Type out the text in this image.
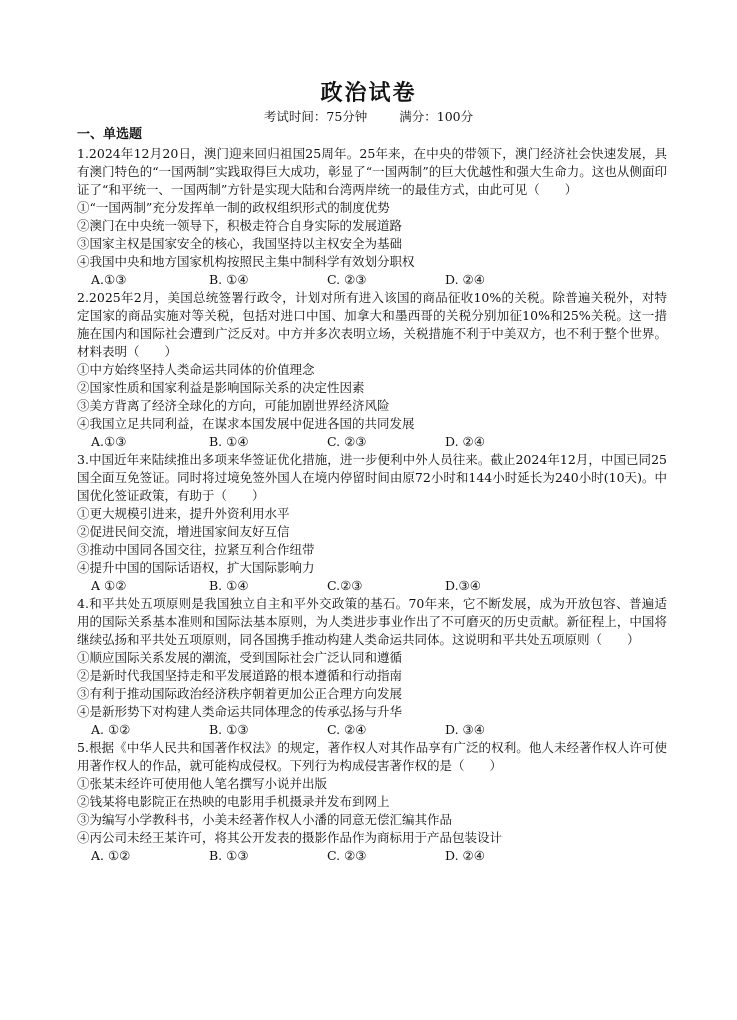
政治试卷
考试时间：75分钟	满分：100分
一、单选题

1.2024年12月20日，澳门迎来回归祖国25周年。25年来，在中央的带领下，澳门经济社会快速发展，具有澳门特色的“一国两制”实践取得巨大成功，彰显了“一国两制”的巨大优越性和强大生命力。这也从侧面印证了“和平统一、一国两制”方针是实现大陆和台湾两岸统一的最佳方式，由此可见（　　）

①“一国两制”充分发挥单一制的政权组织形式的制度优势

②澳门在中央统一领导下，积极走符合自身实际的发展道路

③国家主权是国家安全的核心，我国坚持以主权安全为基础

④我国中央和地方国家机构按照民主集中制科学有效划分职权

A.①③	B. ①④	C. ②③	D. ②④

2.2025年2月，美国总统签署行政令，计划对所有进入该国的商品征收10%的关税。除普遍关税外，对特定国家的商品实施对等关税，包括对进口中国、加拿大和墨西哥的关税分别加征10%和25%关税。这一措施在国内和国际社会遭到广泛反对。中方并多次表明立场，关税措施不利于中美双方，也不利于整个世界。材料表明（　　）

①中方始终坚持人类命运共同体的价值理念

②国家性质和国家利益是影响国际关系的决定性因素

③美方背离了经济全球化的方向，可能加剧世界经济风险

④我国立足共同利益，在谋求本国发展中促进各国的共同发展

A.①③	B. ①④	C. ②③	D. ②④

3.中国近年来陆续推出多项来华签证优化措施，进一步便利中外人员往来。截止2024年12月，中国已同25国全面互免签证。同时将过境免签外国人在境内停留时间由原72小时和144小时延长为240小时(10天)。中国优化签证政策，有助于（　　）

①更大规模引进来，提升外资利用水平

②促进民间交流，增进国家间友好互信

③推动中国同各国交往，拉紧互利合作纽带

④提升中国的国际话语权，扩大国际影响力

A ①②	B. ①④	C.②③	D.③④

4.和平共处五项原则是我国独立自主和平外交政策的基石。70年来，它不断发展，成为开放包容、普遍适用的国际关系基本准则和国际法基本原则，为人类进步事业作出了不可磨灭的历史贡献。新征程上，中国将继续弘扬和平共处五项原则，同各国携手推动构建人类命运共同体。这说明和平共处五项原则（　　）

①顺应国际关系发展的潮流，受到国际社会广泛认同和遵循

②是新时代我国坚持走和平发展道路的根本遵循和行动指南

③有利于推动国际政治经济秩序朝着更加公正合理方向发展

④是新形势下对构建人类命运共同体理念的传承弘扬与升华

A. ①②	B. ①③	C. ②④	D. ③④

5.根据《中华人民共和国著作权法》的规定，著作权人对其作品享有广泛的权利。他人未经著作权人许可使用著作权人的作品，就可能构成侵权。下列行为构成侵害著作权的是（　　）

①张某未经许可使用他人笔名撰写小说并出版

②钱某将电影院正在热映的电影用手机摄录并发布到网上

③为编写小学教科书，小美未经著作权人小潘的同意无偿汇编其作品

④丙公司未经王某许可，将其公开发表的摄影作品作为商标用于产品包装设计

A. ①②	B. ①③	C. ②③	D. ②④
